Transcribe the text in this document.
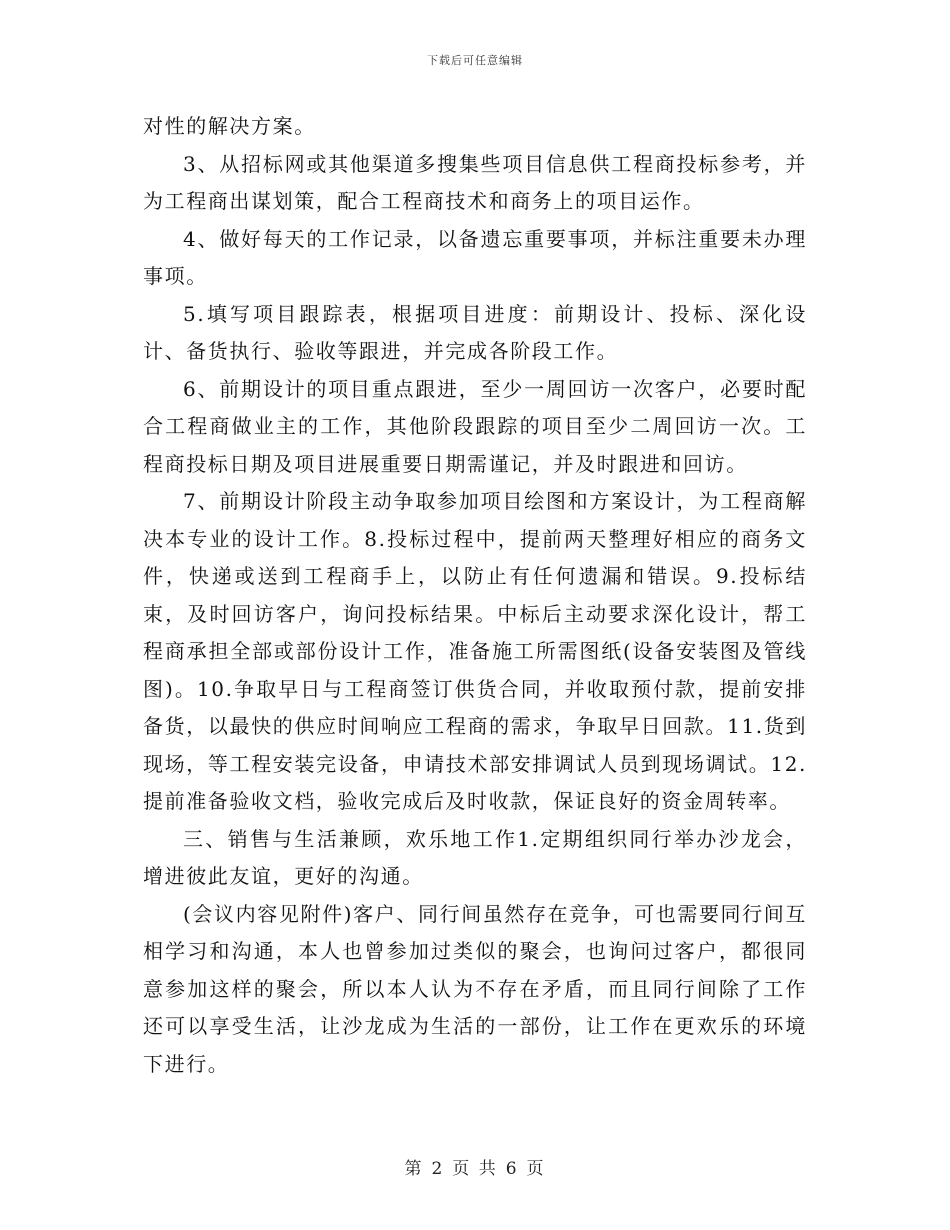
下载后可任意编辑

对性的解决方案。

3、从招标网或其他渠道多搜集些项目信息供工程商投标参考，并为工程商出谋划策，配合工程商技术和商务上的项目运作。

4、做好每天的工作记录，以备遗忘重要事项，并标注重要未办理事项。

5.填写项目跟踪表，根据项目进度：前期设计、投标、深化设计、备货执行、验收等跟进，并完成各阶段工作。

6、前期设计的项目重点跟进，至少一周回访一次客户，必要时配合工程商做业主的工作，其他阶段跟踪的项目至少二周回访一次。工程商投标日期及项目进展重要日期需谨记，并及时跟进和回访。

7、前期设计阶段主动争取参加项目绘图和方案设计，为工程商解决本专业的设计工作。8.投标过程中，提前两天整理好相应的商务文件，快递或送到工程商手上，以防止有任何遗漏和错误。9.投标结束，及时回访客户，询问投标结果。中标后主动要求深化设计，帮工程商承担全部或部份设计工作，准备施工所需图纸(设备安装图及管线图)。10.争取早日与工程商签订供货合同，并收取预付款，提前安排备货，以最快的供应时间响应工程商的需求，争取早日回款。11.货到现场，等工程安装完设备，申请技术部安排调试人员到现场调试。12.提前准备验收文档，验收完成后及时收款，保证良好的资金周转率。

三、销售与生活兼顾，欢乐地工作1.定期组织同行举办沙龙会，增进彼此友谊，更好的沟通。

(会议内容见附件)客户、同行间虽然存在竞争，可也需要同行间互相学习和沟通，本人也曾参加过类似的聚会，也询问过客户，都很同意参加这样的聚会，所以本人认为不存在矛盾，而且同行间除了工作还可以享受生活，让沙龙成为生活的一部份，让工作在更欢乐的环境下进行。

第 2 页 共 6 页
